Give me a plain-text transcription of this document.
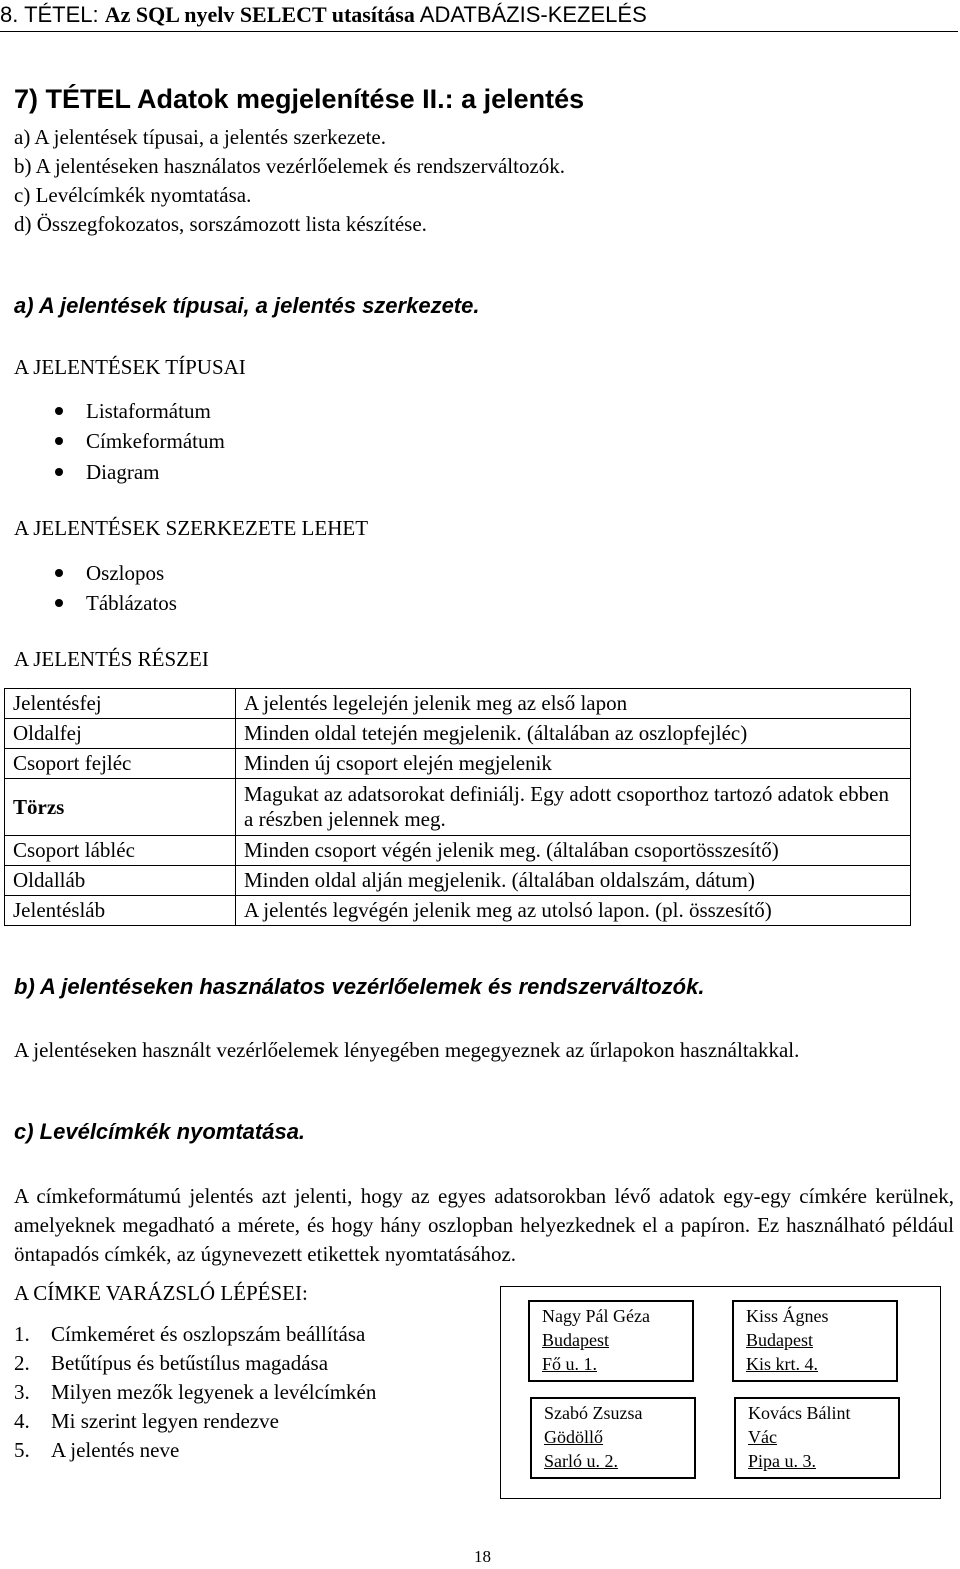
8. TÉTEL: Az SQL nyelv SELECT utasítása ADATBÁZIS-KEZELÉS
7) TÉTEL Adatok megjelenítése II.: a jelentés
a) A jelentések típusai, a jelentés szerkezete.
b) A jelentéseken használatos vezérlőelemek és rendszerváltozók.
c) Levélcímkék nyomtatása.
d) Összegfokozatos, sorszámozott lista készítése.
a) A jelentések típusai, a jelentés szerkezete.
A JELENTÉSEK TÍPUSAI
Listaformátum
Címkeformátum
Diagram
A JELENTÉSEK SZERKEZETE LEHET
Oszlopos
Táblázatos
A JELENTÉS RÉSZEI
Jelentésfej	A jelentés legelején jelenik meg az első lapon
Oldalfej	Minden oldal tetején megjelenik. (általában az oszlopfejléc)
Csoport fejléc	Minden új csoport elején megjelenik
Törzs	Magukat az adatsorokat definiálj. Egy adott csoporthoz tartozó adatok ebben a részben jelennek meg.
Csoport lábléc	Minden csoport végén jelenik meg. (általában csoportösszesítő)
Oldalláb	Minden oldal alján megjelenik. (általában oldalszám, dátum)
Jelentésláb	A jelentés legvégén jelenik meg az utolsó lapon. (pl. összesítő)
b) A jelentéseken használatos vezérlőelemek és rendszerváltozók.
A jelentéseken használt vezérlőelemek lényegében megegyeznek az űrlapokon használtakkal.
c) Levélcímkék nyomtatása.
A címkeformátumú jelentés azt jelenti, hogy az egyes adatsorokban lévő adatok egy-egy címkére kerülnek, amelyeknek megadható a mérete, és hogy hány oszlopban helyezkednek el a papíron. Ez használható például öntapadós címkék, az úgynevezett etikettek nyomtatásához.
A CÍMKE VARÁZSLÓ LÉPÉSEI:
1. Címkeméret és oszlopszám beállítása
2. Betűtípus és betűstílus magadása
3. Milyen mezők legyenek a levélcímkén
4. Mi szerint legyen rendezve
5. A jelentés neve
Nagy Pál Géza
Budapest
Fő u. 1.
Kiss Ágnes
Budapest
Kis krt. 4.
Szabó Zsuzsa
Gödöllő
Sarló u. 2.
Kovács Bálint
Vác
Pipa u. 3.
18
